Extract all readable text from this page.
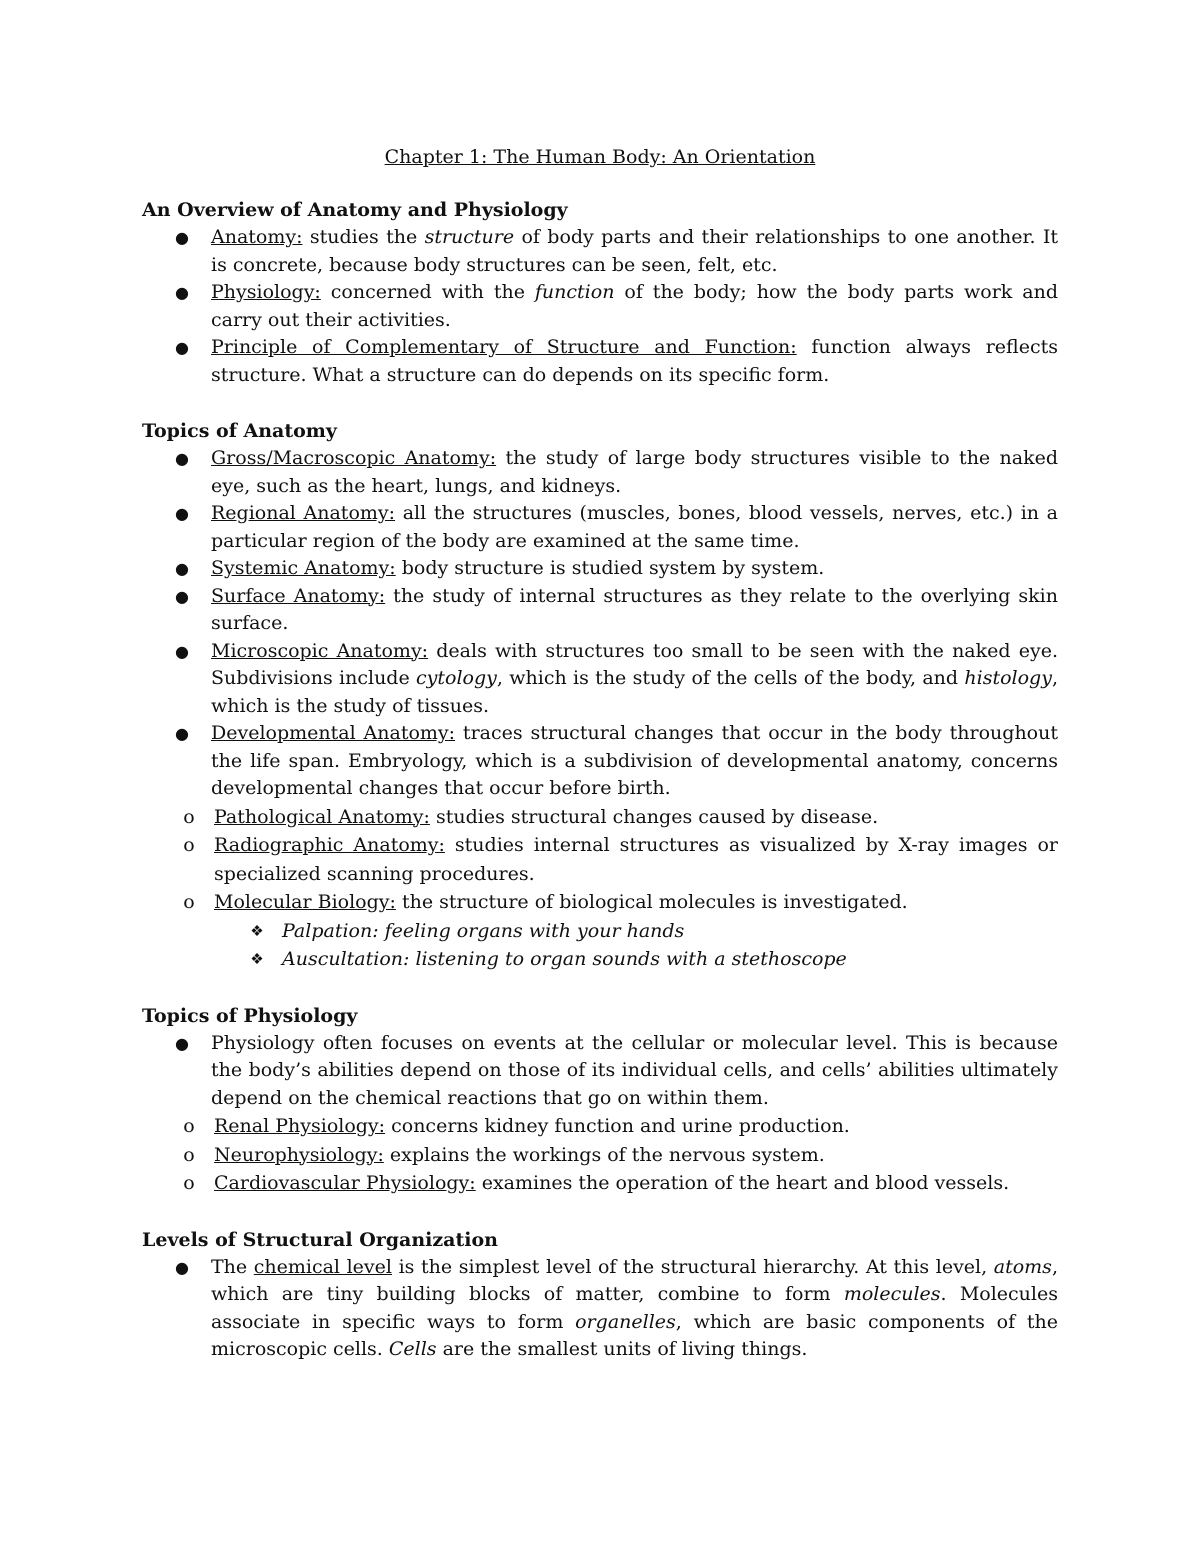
Chapter 1: The Human Body: An Orientation
An Overview of Anatomy and Physiology
● Anatomy: studies the structure of body parts and their relationships to one another. It is concrete, because body structures can be seen, felt, etc.
● Physiology: concerned with the function of the body; how the body parts work and carry out their activities.
● Principle of Complementary of Structure and Function: function always reflects structure. What a structure can do depends on its specific form.
Topics of Anatomy
● Gross/Macroscopic Anatomy: the study of large body structures visible to the naked eye, such as the heart, lungs, and kidneys.
● Regional Anatomy: all the structures (muscles, bones, blood vessels, nerves, etc.) in a particular region of the body are examined at the same time.
● Systemic Anatomy: body structure is studied system by system.
● Surface Anatomy: the study of internal structures as they relate to the overlying skin surface.
● Microscopic Anatomy: deals with structures too small to be seen with the naked eye. Subdivisions include cytology, which is the study of the cells of the body, and histology, which is the study of tissues.
● Developmental Anatomy: traces structural changes that occur in the body throughout the life span. Embryology, which is a subdivision of developmental anatomy, concerns developmental changes that occur before birth.
o Pathological Anatomy: studies structural changes caused by disease.
o Radiographic Anatomy: studies internal structures as visualized by X-ray images or specialized scanning procedures.
o Molecular Biology: the structure of biological molecules is investigated.
❖ Palpation: feeling organs with your hands
❖ Auscultation: listening to organ sounds with a stethoscope
Topics of Physiology
● Physiology often focuses on events at the cellular or molecular level. This is because the body’s abilities depend on those of its individual cells, and cells’ abilities ultimately depend on the chemical reactions that go on within them.
o Renal Physiology: concerns kidney function and urine production.
o Neurophysiology: explains the workings of the nervous system.
o Cardiovascular Physiology: examines the operation of the heart and blood vessels.
Levels of Structural Organization
● The chemical level is the simplest level of the structural hierarchy. At this level, atoms, which are tiny building blocks of matter, combine to form molecules. Molecules associate in specific ways to form organelles, which are basic components of the microscopic cells. Cells are the smallest units of living things.
